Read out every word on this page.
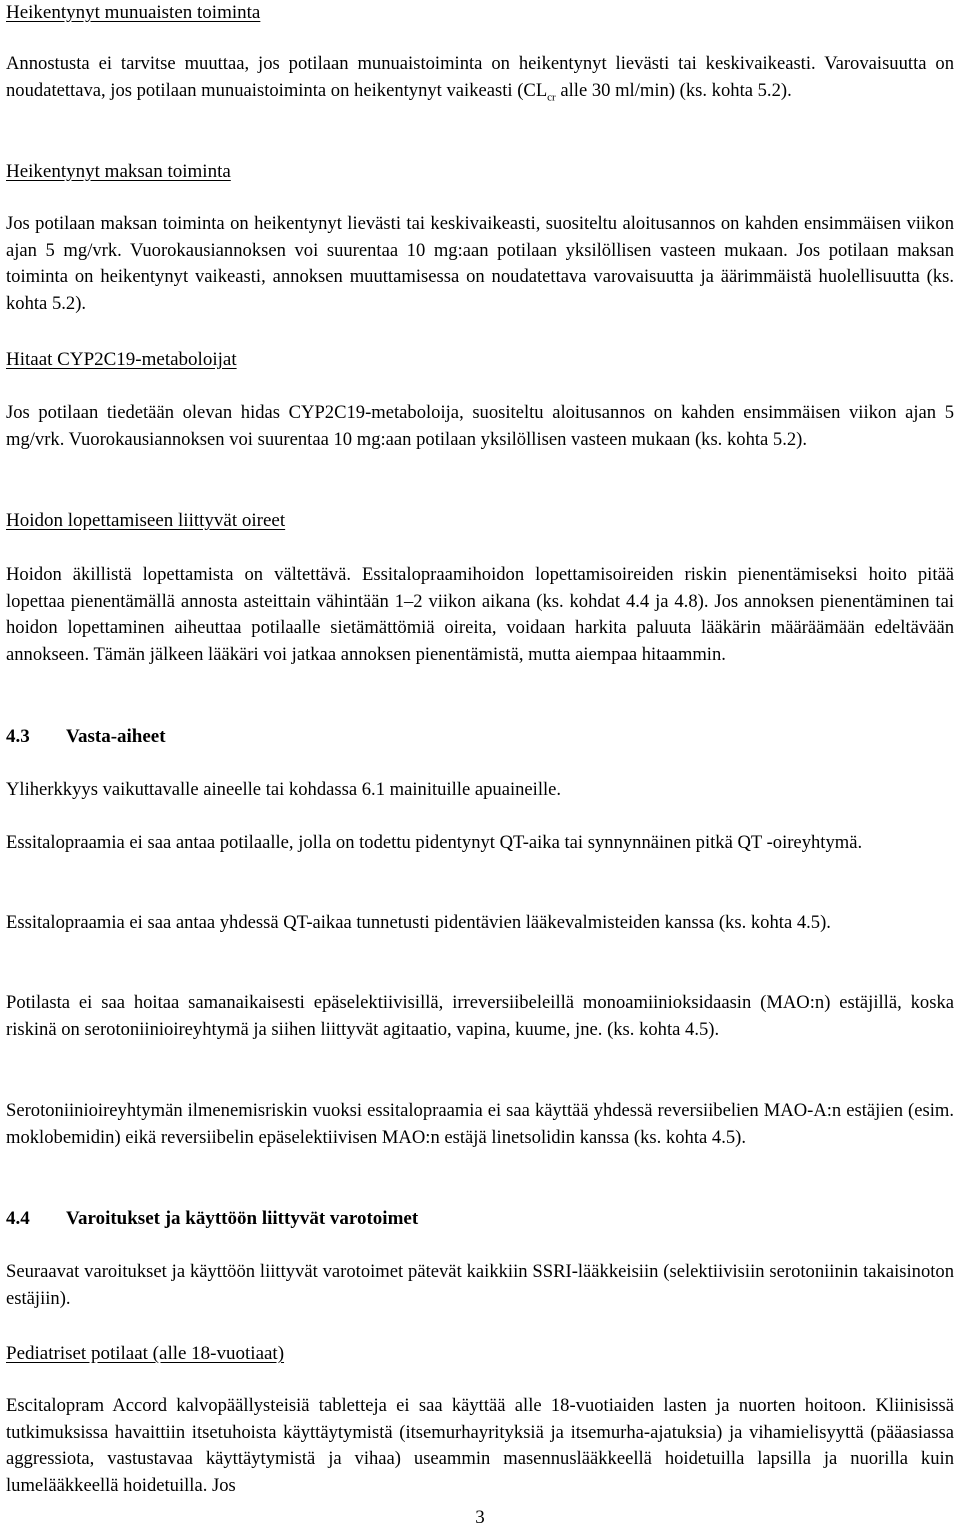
Heikentynyt munuaisten toiminta

Annostusta ei tarvitse muuttaa, jos potilaan munuaistoiminta on heikentynyt lievästi tai keskivaikeasti. Varovaisuutta on noudatettava, jos potilaan munuaistoiminta on heikentynyt vaikeasti ($CL_{cr}$ alle 30 ml/min) (ks. kohta 5.2).

Heikentynyt maksan toiminta

Jos potilaan maksan toiminta on heikentynyt lievästi tai keskivaikeasti, suositeltu aloitusannos on kahden ensimmäisen viikon ajan 5 mg/vrk. Vuorokausiannoksen voi suurentaa 10 mg:aan potilaan yksilöllisen vasteen mukaan. Jos potilaan maksan toiminta on heikentynyt vaikeasti, annoksen muuttamisessa on noudatettava varovaisuutta ja äärimmäistä huolellisuutta (ks. kohta 5.2).

Hitaat CYP2C19-metaboloijat

Jos potilaan tiedetään olevan hidas CYP2C19-metaboloija, suositeltu aloitusannos on kahden ensimmäisen viikon ajan 5 mg/vrk. Vuorokausiannoksen voi suurentaa 10 mg:aan potilaan yksilöllisen vasteen mukaan (ks. kohta 5.2).

Hoidon lopettamiseen liittyvät oireet

Hoidon äkillistä lopettamista on vältettävä. Essitalopraamihoidon lopettamisoireiden riskin pienentämiseksi hoito pitää lopettaa pienentämällä annosta asteittain vähintään 1–2 viikon aikana (ks. kohdat 4.4 ja 4.8). Jos annoksen pienentäminen tai hoidon lopettaminen aiheuttaa potilaalle sietämättömiä oireita, voidaan harkita paluuta lääkärin määräämään edeltävään annokseen. Tämän jälkeen lääkäri voi jatkaa annoksen pienentämistä, mutta aiempaa hitaammin.

4.3 Vasta-aiheet

Yliherkkyys vaikuttavalle aineelle tai kohdassa 6.1 mainituille apuaineille.

Essitalopraamia ei saa antaa potilaalle, jolla on todettu pidentynyt QT-aika tai synnynnäinen pitkä QT -oireyhtymä.

Essitalopraamia ei saa antaa yhdessä QT-aikaa tunnetusti pidentävien lääkevalmisteiden kanssa (ks. kohta 4.5).

Potilasta ei saa hoitaa samanaikaisesti epäselektiivisillä, irreversiibeleillä monoamiinioksidaasin (MAO:n) estäjillä, koska riskinä on serotoniinioireyhtymä ja siihen liittyvät agitaatio, vapina, kuume, jne. (ks. kohta 4.5).

Serotoniinioireyhtymän ilmenemisriskin vuoksi essitalopraamia ei saa käyttää yhdessä reversiibelien MAO-A:n estäjien (esim. moklobemidin) eikä reversiibelin epäselektiivisen MAO:n estäjä linetsolidin kanssa (ks. kohta 4.5).

4.4 Varoitukset ja käyttöön liittyvät varotoimet

Seuraavat varoitukset ja käyttöön liittyvät varotoimet pätevät kaikkiin SSRI-lääkkeisiin (selektiivisiin serotoniinin takaisinoton estäjiin).

Pediatriset potilaat (alle 18-vuotiaat)

Escitalopram Accord kalvopäällysteisiä tabletteja ei saa käyttää alle 18-vuotiaiden lasten ja nuorten hoitoon. Kliinisissä tutkimuksissa havaittiin itsetuhoista käyttäytymistä (itsemurhayrityksiä ja itsemurha-ajatuksia) ja vihamielisyyttä (pääasiassa aggressiota, vastustavaa käyttäytymistä ja vihaa) useammin masennuslääkkeellä hoidetuilla lapsilla ja nuorilla kuin lumelääkkeellä hoidetuilla. Jos

3
